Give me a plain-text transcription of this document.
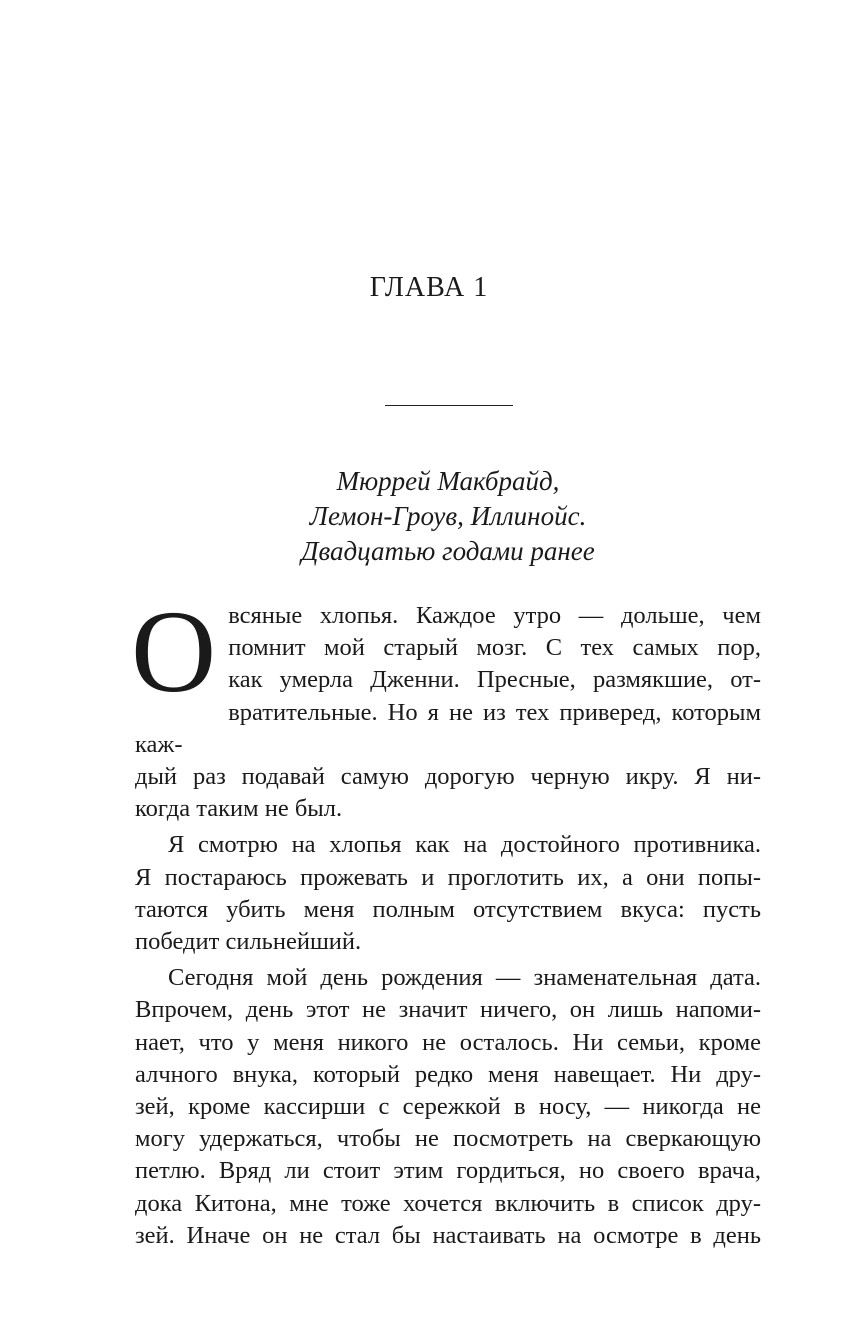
ГЛАВА 1
Мюррей Макбрайд,
Лемон-Гроув, Иллинойс.
Двадцатью годами ранее
О всяные хлопья. Каждое утро — дольше, чем
помнит мой старый мозг. С тех самых пор,
как умерла Дженни. Пресные, размякшие, от-
вратительные. Но я не из тех приверед, которым каж-
дый раз подавай самую дорогую черную икру. Я ни-
когда таким не был.
Я смотрю на хлопья как на достойного противника.
Я постараюсь прожевать и проглотить их, а они попы-
таются убить меня полным отсутствием вкуса: пусть
победит сильнейший.
Сегодня мой день рождения — знаменательная дата.
Впрочем, день этот не значит ничего, он лишь напоми-
нает, что у меня никого не осталось. Ни семьи, кроме
алчного внука, который редко меня навещает. Ни дру-
зей, кроме кассирши с сережкой в носу, — никогда не
могу удержаться, чтобы не посмотреть на сверкающую
петлю. Вряд ли стоит этим гордиться, но своего врача,
дока Китона, мне тоже хочется включить в список дру-
зей. Иначе он не стал бы настаивать на осмотре в день
